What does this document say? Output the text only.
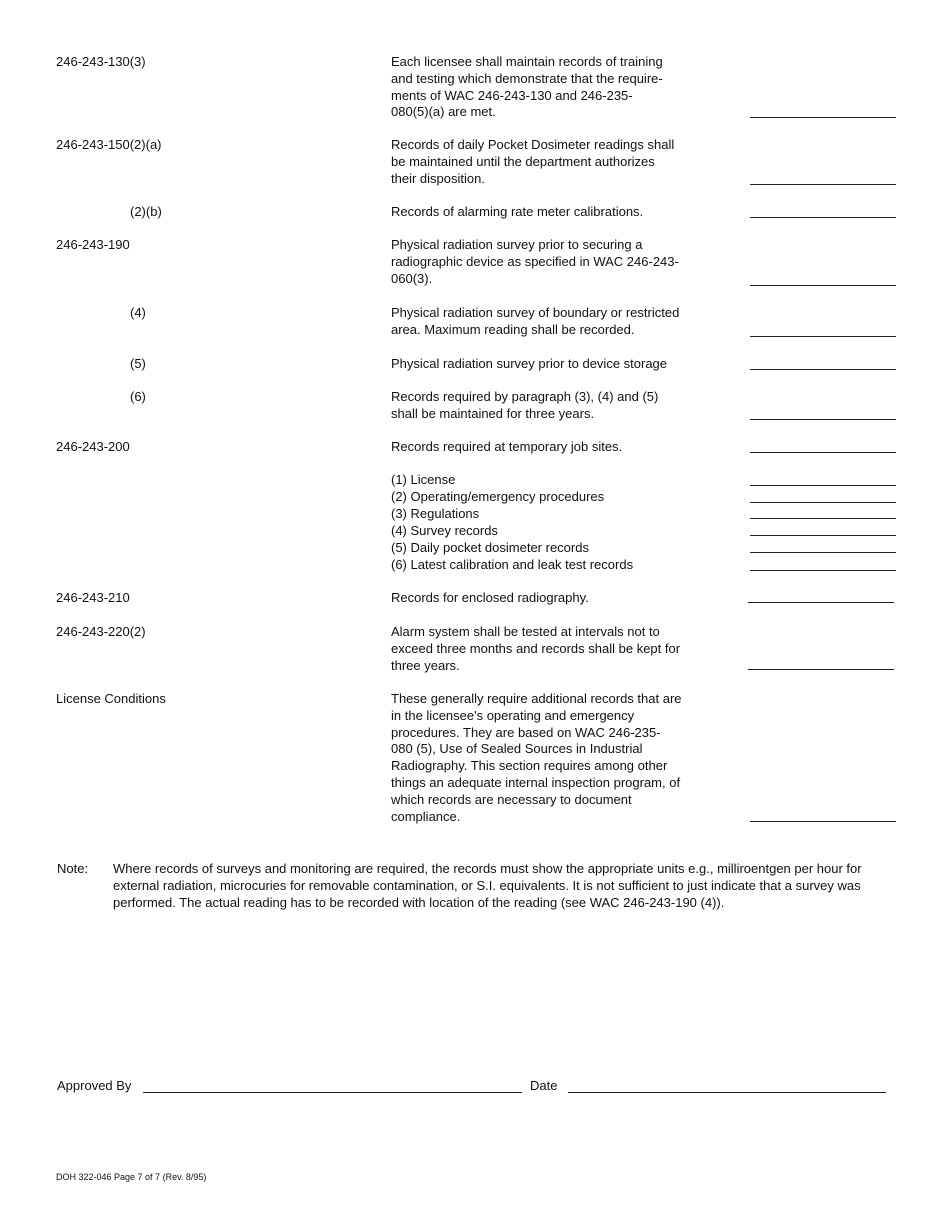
246-243-130(3)	Each licensee shall maintain records of training
and testing which demonstrate that the require-
ments of WAC 246-243-130 and 246-235-
080(5)(a) are met.
246-243-150(2)(a)	Records of daily Pocket Dosimeter readings shall
be maintained until the department authorizes
their disposition.
(2)(b)	Records of alarming rate meter calibrations.
246-243-190	Physical radiation survey prior to securing a
radiographic device as specified in WAC 246-243-
060(3).
(4)	Physical radiation survey of boundary or restricted
area. Maximum reading shall be recorded.
(5)	Physical radiation survey prior to device storage
(6)	Records required by paragraph (3), (4) and (5)
shall be maintained for three years.
246-243-200	Records required at temporary job sites.
(1) License
(2) Operating/emergency procedures
(3) Regulations
(4) Survey records
(5) Daily pocket dosimeter records
(6) Latest calibration and leak test records
246-243-210	Records for enclosed radiography.
246-243-220(2)	Alarm system shall be tested at intervals not to
exceed three months and records shall be kept for
three years.
License Conditions	These generally require additional records that are
in the licensee's operating and emergency
procedures. They are based on WAC 246-235-
080 (5), Use of Sealed Sources in Industrial
Radiography. This section requires among other
things an adequate internal inspection program, of
which records are necessary to document
compliance.
Note: Where records of surveys and monitoring are required, the records must show the appropriate units e.g., milliroentgen per hour for external radiation, microcuries for removable contamination, or S.I. equivalents. It is not sufficient to just indicate that a survey was performed. The actual reading has to be recorded with location of the reading (see WAC 246-243-190 (4)).
Approved By	Date
DOH 322-046 Page 7 of 7 (Rev. 8/95)
